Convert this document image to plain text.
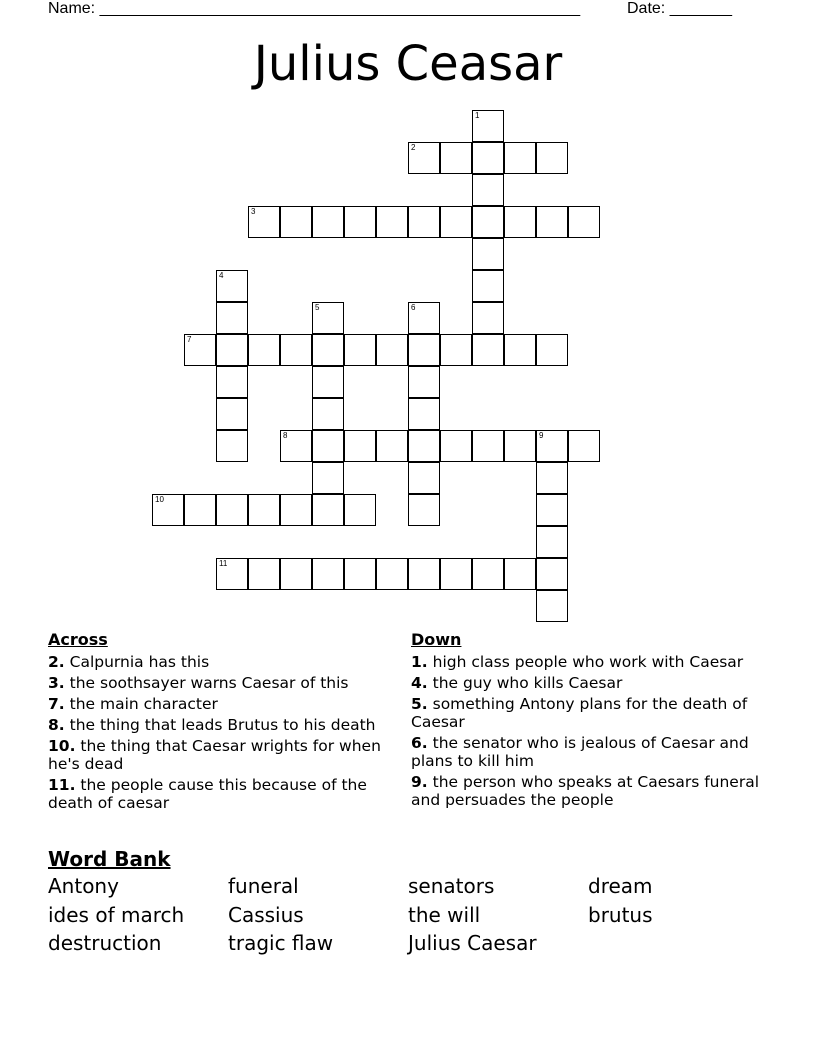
Name: ______________________________________________________	Date: _______
Julius Ceasar
1
2
3
4
5	6
7
8	9
10
11
Across
2. Calpurnia has this
3. the soothsayer warns Caesar of this
7. the main character
8. the thing that leads Brutus to his death
10. the thing that Caesar wrights for when he's dead
11. the people cause this because of the death of caesar
Down
1. high class people who work with Caesar
4. the guy who kills Caesar
5. something Antony plans for the death of Caesar
6. the senator who is jealous of Caesar and plans to kill him
9. the person who speaks at Caesars funeral and persuades the people
Word Bank
Antony	funeral	senators	dream
ides of march	Cassius	the will	brutus
destruction	tragic flaw	Julius Caesar
